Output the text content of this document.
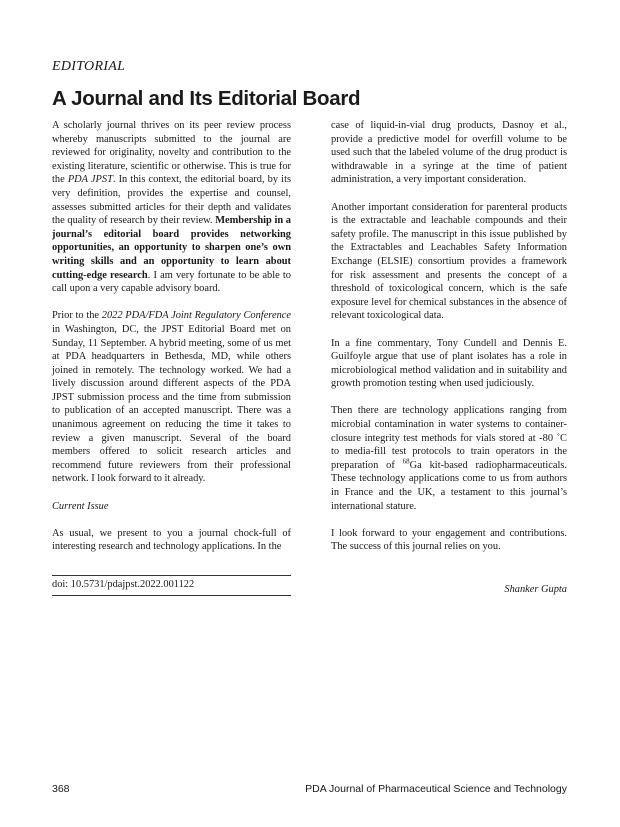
EDITORIAL
A Journal and Its Editorial Board

A scholarly journal thrives on its peer review process whereby manuscripts submitted to the journal are reviewed for originality, novelty and contribution to the existing literature, scientific or otherwise. This is true for the PDA JPST. In this context, the editorial board, by its very definition, provides the expertise and counsel, assesses submitted articles for their depth and validates the quality of research by their review. Membership in a journal’s editorial board provides networking opportunities, an opportunity to sharpen one’s own writing skills and an opportunity to learn about cutting-edge research. I am very fortunate to be able to call upon a very capable advisory board.

Prior to the 2022 PDA/FDA Joint Regulatory Conference in Washington, DC, the JPST Editorial Board met on Sunday, 11 September. A hybrid meeting, some of us met at PDA headquarters in Bethesda, MD, while others joined in remotely. The technology worked. We had a lively discussion around different aspects of the PDA JPST submission process and the time from submission to publication of an accepted manuscript. There was a unanimous agreement on reducing the time it takes to review a given manuscript. Several of the board members offered to solicit research articles and recommend future reviewers from their professional network. I look forward to it already.

Current Issue

As usual, we present to you a journal chock-full of interesting research and technology applications. In the

doi: 10.5731/pdajpst.2022.001122

case of liquid-in-vial drug products, Dasnoy et al., provide a predictive model for overfill volume to be used such that the labeled volume of the drug product is withdrawable in a syringe at the time of patient administration, a very important consideration.

Another important consideration for parenteral products is the extractable and leachable compounds and their safety profile. The manuscript in this issue published by the Extractables and Leachables Safety Information Exchange (ELSIE) consortium provides a framework for risk assessment and presents the concept of a threshold of toxicological concern, which is the safe exposure level for chemical substances in the absence of relevant toxicological data.

In a fine commentary, Tony Cundell and Dennis E. Guilfoyle argue that use of plant isolates has a role in microbiological method validation and in suitability and growth promotion testing when used judiciously.

Then there are technology applications ranging from microbial contamination in water systems to container-closure integrity test methods for vials stored at -80 ˚C to media-fill test protocols to train operators in the preparation of $^{68}$Ga kit-based radiopharmaceuticals. These technology applications come to us from authors in France and the UK, a testament to this journal’s international stature.

I look forward to your engagement and contributions. The success of this journal relies on you.

Shanker Gupta
368	PDA Journal of Pharmaceutical Science and Technology
